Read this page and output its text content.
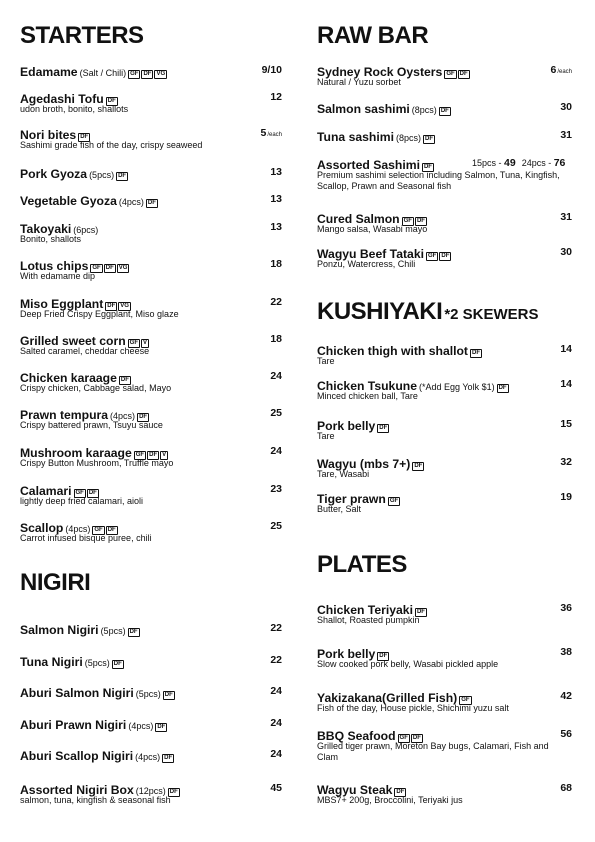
STARTERS
Edamame (Salt / Chili) GF DF VG	9/10
Agedashi Tofu DF	12
udon broth, bonito, shallots
Nori bites DF	5/each
Sashimi grade fish of the day, crispy seaweed
Pork Gyoza (5pcs) DF	13
Vegetable Gyoza (4pcs) DF	13
Takoyaki (6pcs)	13
Bonito, shallots
Lotus chips GF DF VG	18
With edamame dip
Miso Eggplant DF VG	22
Deep Fried Crispy Eggplant, Miso glaze
Grilled sweet corn GF V	18
Salted caramel, cheddar cheese
Chicken karaage DF	24
Crispy chicken, Cabbage salad, Mayo
Prawn tempura (4pcs) DF	25
Crispy battered prawn, Tsuyu sauce
Mushroom karaage GF DF V	24
Crispy Button Mushroom, Truffle mayo
Calamari GF DF	23
lightly deep fried calamari, aioli
Scallop (4pcs) GF DF	25
Carrot infused bisque puree, chili
NIGIRI
Salmon Nigiri (5pcs) DF	22
Tuna Nigiri (5pcs) DF	22
Aburi Salmon Nigiri (5pcs) DF	24
Aburi Prawn Nigiri (4pcs) DF	24
Aburi Scallop Nigiri (4pcs) DF	24
Assorted Nigiri Box (12pcs) DF	45
salmon, tuna, kingfish & seasonal fish
RAW BAR
Sydney Rock Oysters GF DF	6/each
Natural / Yuzu sorbet
Salmon sashimi (8pcs) DF	30
Tuna sashimi (8pcs) DF	31
Assorted Sashimi DF	15pcs - 49 24pcs - 76
Premium sashimi selection including Salmon, Tuna, Kingfish, Scallop, Prawn and Seasonal fish
Cured Salmon GF DF	31
Mango salsa, Wasabi mayo
Wagyu Beef Tataki GF DF	30
Ponzu, Watercress, Chili
KUSHIYAKI *2 SKEWERS
Chicken thigh with shallot DF	14
Tare
Chicken Tsukune (*Add Egg Yolk $1) DF	14
Minced chicken ball, Tare
Pork belly DF	15
Tare
Wagyu (mbs 7+) DF	32
Tare, Wasabi
Tiger prawn GF	19
Butter, Salt
PLATES
Chicken Teriyaki DF	36
Shallot, Roasted pumpkin
Pork belly DF	38
Slow cooked pork belly, Wasabi pickled apple
Yakizakana(Grilled Fish) GF	42
Fish of the day, House pickle, Shichimi yuzu salt
BBQ Seafood GF DF	56
Grilled tiger prawn, Moreton Bay bugs, Calamari, Fish and Clam
Wagyu Steak DF	68
MBS7+ 200g, Broccolini, Teriyaki jus
